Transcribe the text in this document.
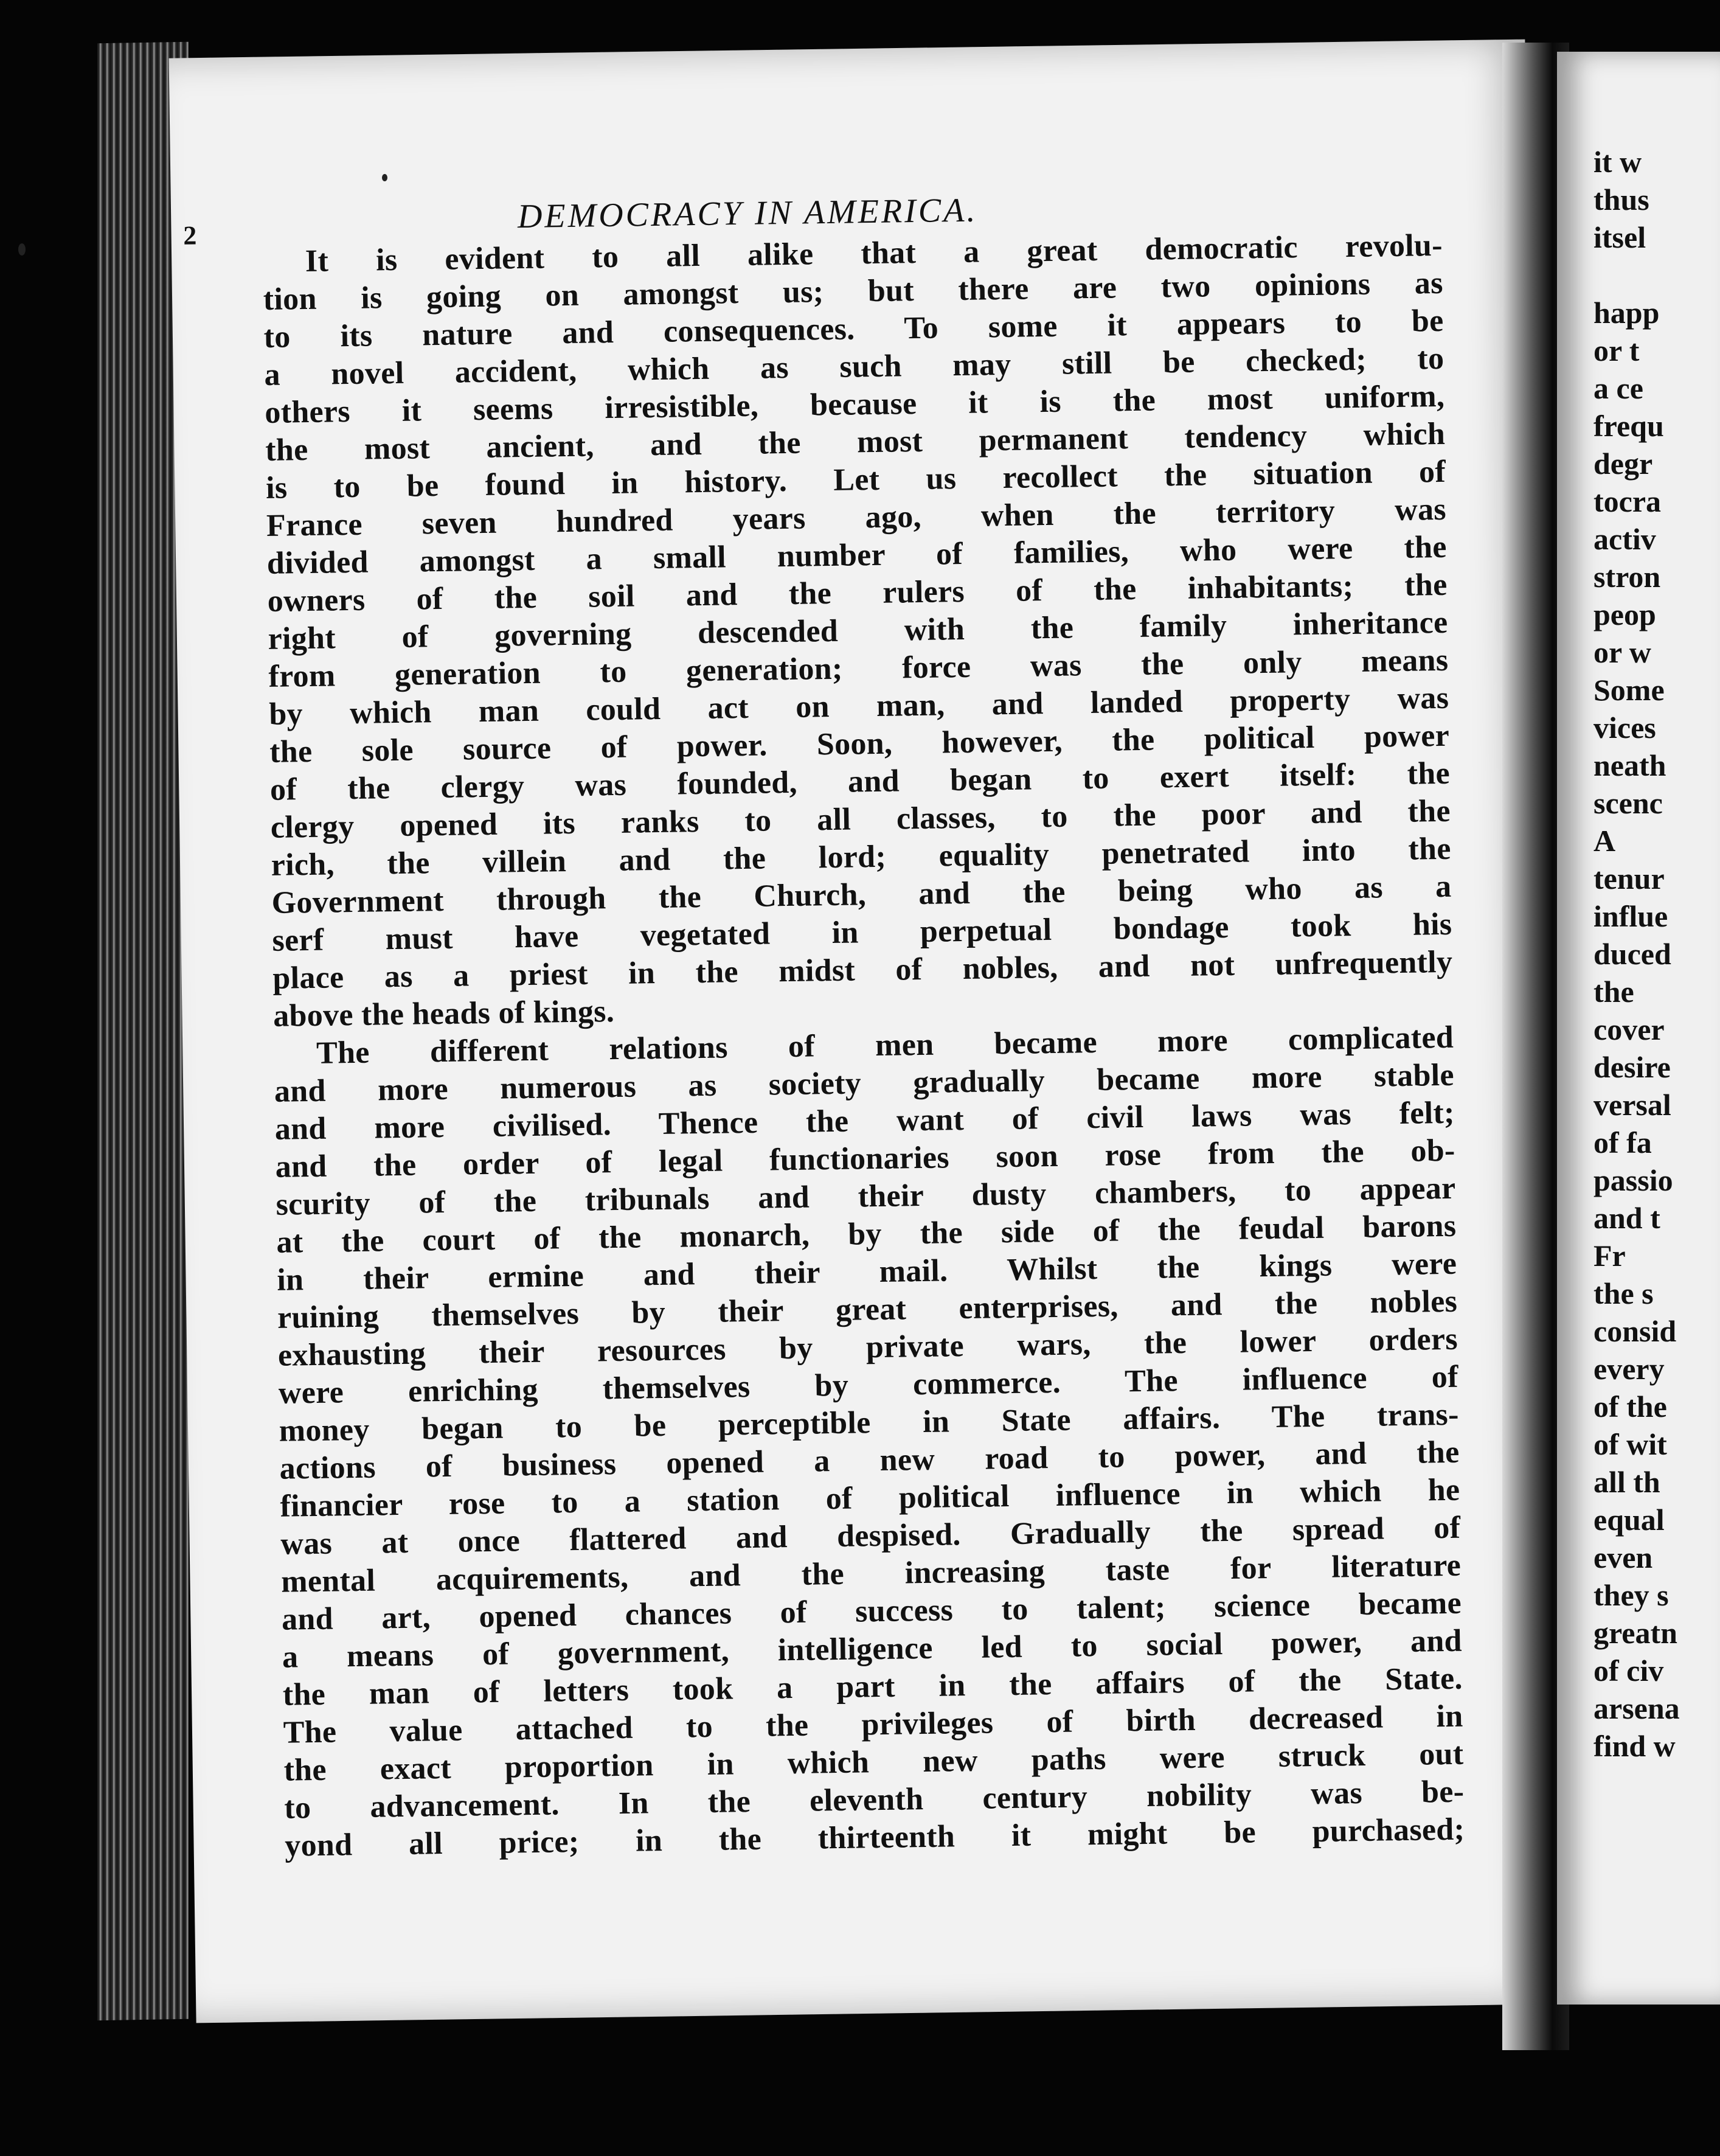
it w
thus
itsel

happ
or t
a ce
frequ
degr
tocra
activ
stron
peop
or w
Some
vices
neath
scenc
A
tenur
influe
duced
the
cover
desire
versal
of fa
passio
and t
Fr
the s
consid
every
of the
of wit
all th
equal
even
they s
greatn
of civ
arsena
find w
2
DEMOCRACY IN AMERICA.

It is evident to all alike that a great democratic revolu-
tion is going on amongst us; but there are two opinions as
to its nature and consequences. To some it appears to be
a novel accident, which as such may still be checked; to
others it seems irresistible, because it is the most uniform,
the most ancient, and the most permanent tendency which
is to be found in history. Let us recollect the situation of
France seven hundred years ago, when the territory was
divided amongst a small number of families, who were the
owners of the soil and the rulers of the inhabitants; the
right of governing descended with the family inheritance
from generation to generation; force was the only means
by which man could act on man, and landed property was
the sole source of power. Soon, however, the political power
of the clergy was founded, and began to exert itself: the
clergy opened its ranks to all classes, to the poor and the
rich, the villein and the lord; equality penetrated into the
Government through the Church, and the being who as a
serf must have vegetated in perpetual bondage took his
place as a priest in the midst of nobles, and not unfrequently
above the heads of kings.

The different relations of men became more complicated
and more numerous as society gradually became more stable
and more civilised. Thence the want of civil laws was felt;
and the order of legal functionaries soon rose from the ob-
scurity of the tribunals and their dusty chambers, to appear
at the court of the monarch, by the side of the feudal barons
in their ermine and their mail. Whilst the kings were
ruining themselves by their great enterprises, and the nobles
exhausting their resources by private wars, the lower orders
were enriching themselves by commerce. The influence of
money began to be perceptible in State affairs. The trans-
actions of business opened a new road to power, and the
financier rose to a station of political influence in which he
was at once flattered and despised. Gradually the spread of
mental acquirements, and the increasing taste for literature
and art, opened chances of success to talent; science became
a means of government, intelligence led to social power, and
the man of letters took a part in the affairs of the State.
The value attached to the privileges of birth decreased in
the exact proportion in which new paths were struck out
to advancement. In the eleventh century nobility was be-
yond all price; in the thirteenth it might be purchased;
